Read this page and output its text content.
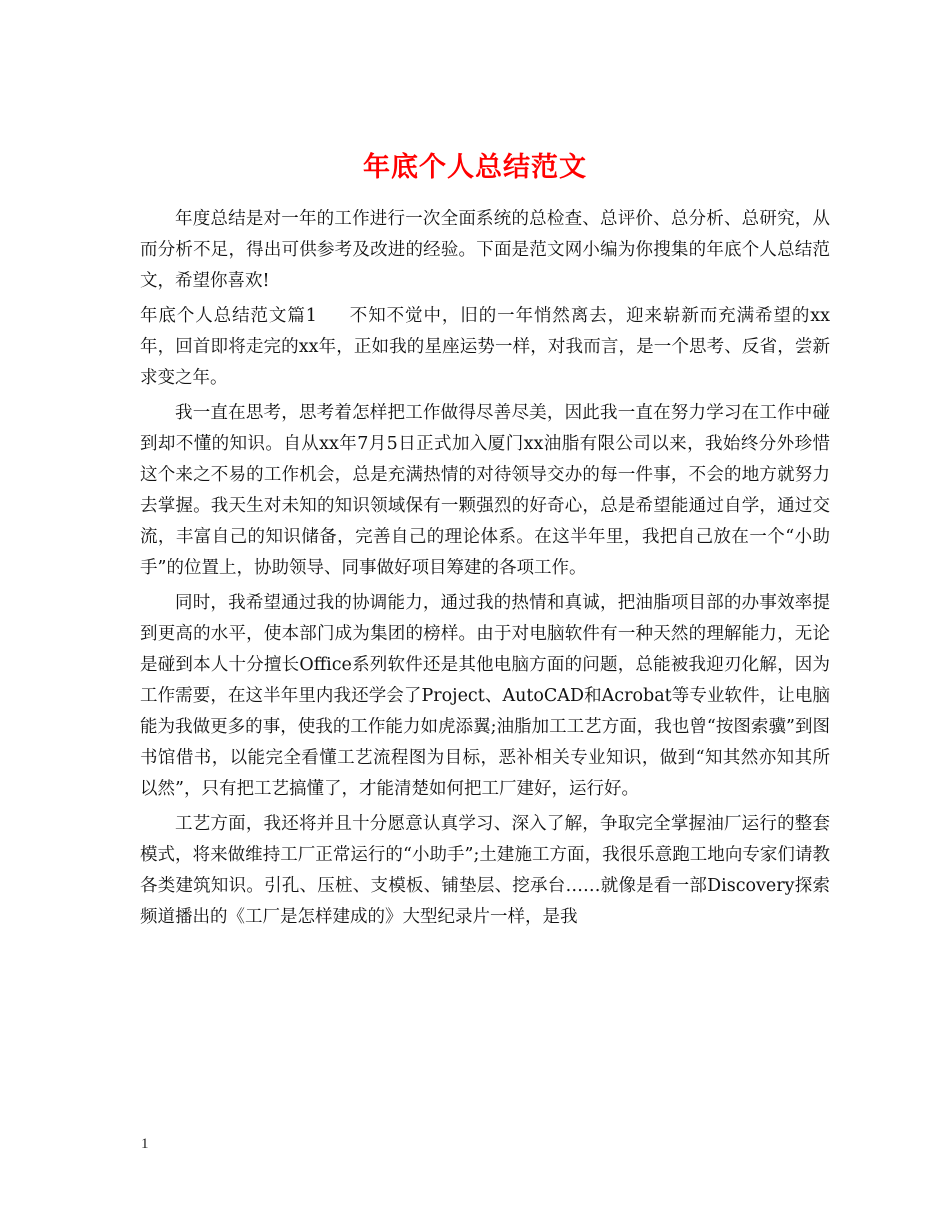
年底个人总结范文

年度总结是对一年的工作进行一次全面系统的总检查、总评价、总分析、总研究，从而分析不足，得出可供参考及改进的经验。下面是范文网小编为你搜集的年底个人总结范文，希望你喜欢!

年底个人总结范文篇1 不知不觉中，旧的一年悄然离去，迎来崭新而充满希望的xx年，回首即将走完的xx年，正如我的星座运势一样，对我而言，是一个思考、反省，尝新求变之年。

我一直在思考，思考着怎样把工作做得尽善尽美，因此我一直在努力学习在工作中碰到却不懂的知识。自从xx年7月5日正式加入厦门xx油脂有限公司以来，我始终分外珍惜这个来之不易的工作机会，总是充满热情的对待领导交办的每一件事，不会的地方就努力去掌握。我天生对未知的知识领域保有一颗强烈的好奇心，总是希望能通过自学，通过交流，丰富自己的知识储备，完善自己的理论体系。在这半年里，我把自己放在一个“小助手”的位置上，协助领导、同事做好项目筹建的各项工作。

同时，我希望通过我的协调能力，通过我的热情和真诚，把油脂项目部的办事效率提到更高的水平，使本部门成为集团的榜样。由于对电脑软件有一种天然的理解能力，无论是碰到本人十分擅长Office系列软件还是其他电脑方面的问题，总能被我迎刃化解，因为工作需要，在这半年里内我还学会了Project、AutoCAD和Acrobat等专业软件，让电脑能为我做更多的事，使我的工作能力如虎添翼;油脂加工工艺方面，我也曾“按图索骥”到图书馆借书，以能完全看懂工艺流程图为目标，恶补相关专业知识，做到“知其然亦知其所以然”，只有把工艺搞懂了，才能清楚如何把工厂建好，运行好。

工艺方面，我还将并且十分愿意认真学习、深入了解，争取完全掌握油厂运行的整套模式，将来做维持工厂正常运行的“小助手”;土建施工方面，我很乐意跑工地向专家们请教各类建筑知识。引孔、压桩、支模板、铺垫层、挖承台……就像是看一部Discovery探索频道播出的《工厂是怎样建成的》大型纪录片一样，是我

1
